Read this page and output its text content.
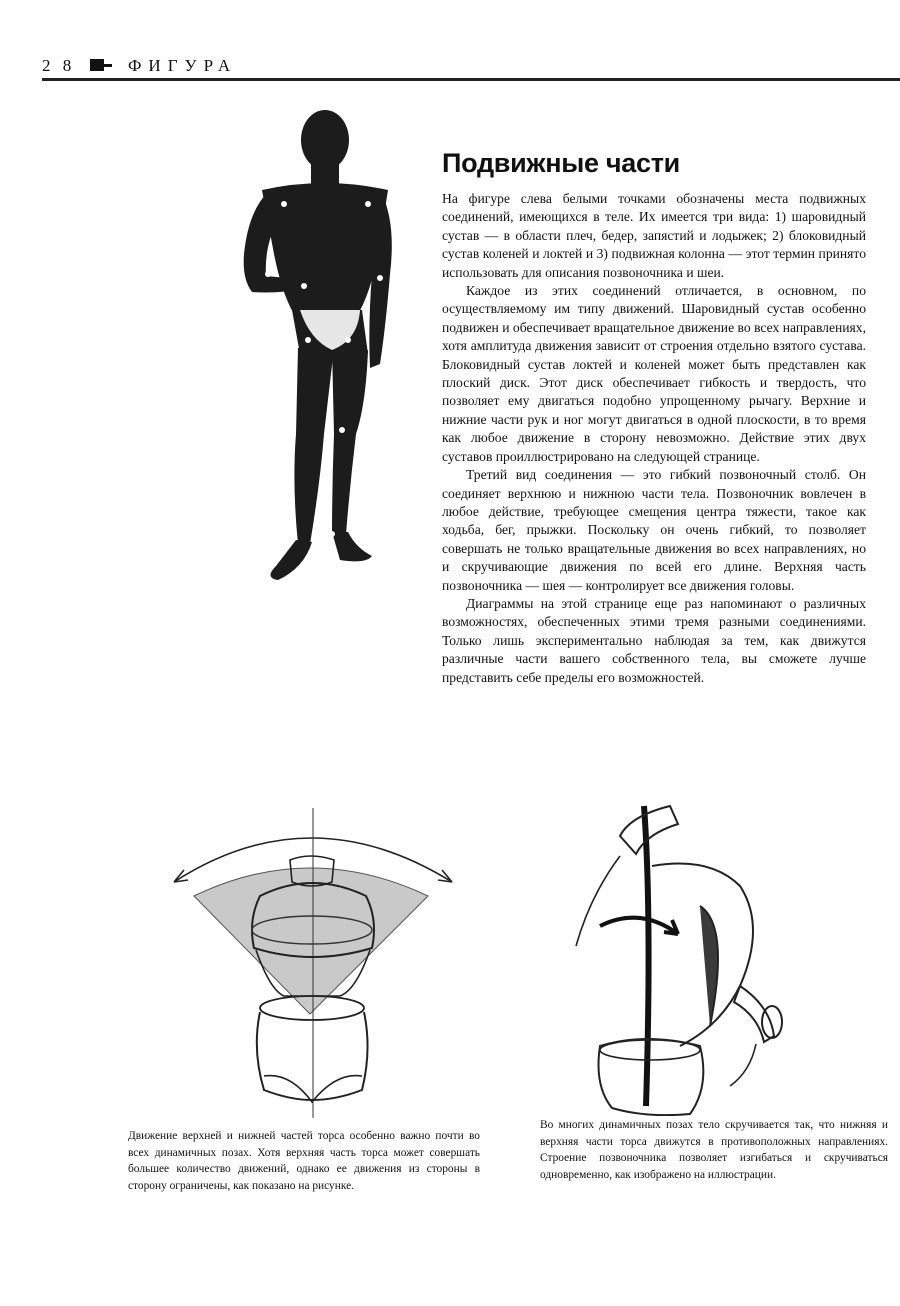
2 8	ФИГУРА
Подвижные части

На фигуре слева белыми точками обозначены места подвижных соединений, имеющихся в теле. Их имеется три вида: 1) шаровидный сустав — в области плеч, бедер, запястий и лодыжек; 2) блоковидный сустав коленей и локтей и 3) подвижная колонна — этот термин принято использовать для описания позвоночника и шеи.

Каждое из этих соединений отличается, в основном, по осуществляемому им типу движений. Шаровидный сустав особенно подвижен и обеспечивает вращательное движение во всех направлениях, хотя амплитуда движения зависит от строения отдельно взятого сустава. Блоковидный сустав локтей и коленей может быть представлен как плоский диск. Этот диск обеспечивает гибкость и твердость, что позволяет ему двигаться подобно упрощенному рычагу. Верхние и нижние части рук и ног могут двигаться в одной плоскости, в то время как любое движение в сторону невозможно. Действие этих двух суставов проиллюстрировано на следующей странице.

Третий вид соединения — это гибкий позвоночный столб. Он соединяет верхнюю и нижнюю части тела. Позвоночник вовлечен в любое действие, требующее смещения центра тяжести, такое как ходьба, бег, прыжки. Поскольку он очень гибкий, то позволяет совершать не только вращательные движения во всех направлениях, но и скручивающие движения по всей его длине. Верхняя часть позвоночника — шея — контролирует все движения головы.

Диаграммы на этой странице еще раз напоминают о различных возможностях, обеспеченных этими тремя разными соединениями. Только лишь экспериментально наблюдая за тем, как движутся различные части вашего собственного тела, вы сможете лучше представить себе пределы его возможностей.

Движение верхней и нижней частей торса особенно важно почти во всех динамичных позах. Хотя верхняя часть торса может совершать большее количество движений, однако ее движения из стороны в сторону ограничены, как показано на рисунке.
Во многих динамичных позах тело скручивается так, что нижняя и верхняя части торса движутся в противоположных направлениях. Строение позвоночника позволяет изгибаться и скручиваться одновременно, как изображено на иллюстрации.
